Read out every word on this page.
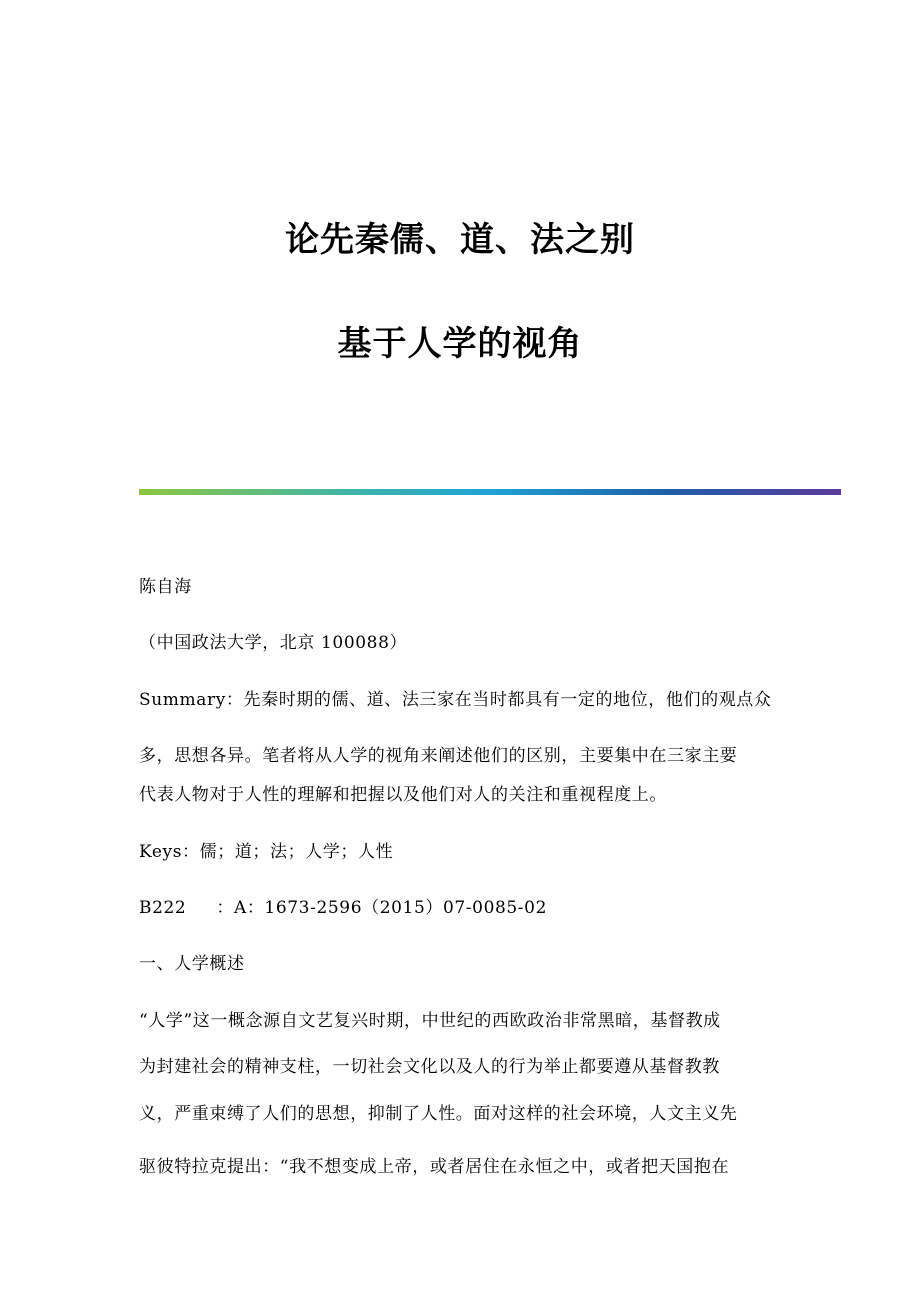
论先秦儒、道、法之别
基于人学的视角
陈自海
（中国政法大学，北京 100088）
Summary：先秦时期的儒、道、法三家在当时都具有一定的地位，他们的观点众
多，思想各异。笔者将从人学的视角来阐述他们的区别，主要集中在三家主要
代表人物对于人性的理解和把握以及他们对人的关注和重视程度上。
Keys：儒；道；法；人学；人性
B222     ：A：1673-2596（2015）07-0085-02
一、人学概述
“人学”这一概念源自文艺复兴时期，中世纪的西欧政治非常黑暗，基督教成
为封建社会的精神支柱，一切社会文化以及人的行为举止都要遵从基督教教
义，严重束缚了人们的思想，抑制了人性。面对这样的社会环境，人文主义先
驱彼特拉克提出：“我不想变成上帝，或者居住在永恒之中，或者把天国抱在
